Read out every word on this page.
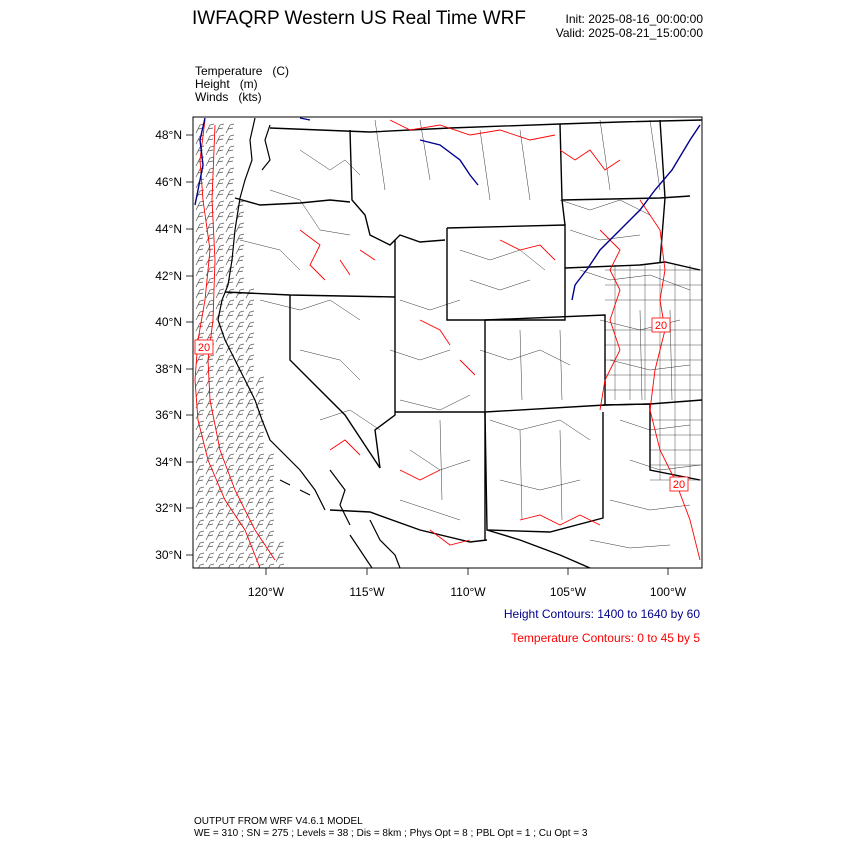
IWFAQRP Western US Real Time WRF	Init: 2025-08-16_00:00:00
Valid: 2025-08-21_15:00:00
Temperature   (C)
Height   (m)
Winds   (kts)
20
20
20
48°N
46°N
44°N
42°N
40°N
38°N
36°N
34°N
32°N
30°N
120°W	115°W	110°W	105°W	100°W
Height Contours: 1400 to 1640 by 60
Temperature Contours: 0 to 45 by 5
OUTPUT FROM WRF V4.6.1 MODEL
WE = 310 ; SN = 275 ; Levels = 38 ; Dis = 8km ; Phys Opt = 8 ; PBL Opt = 1 ; Cu Opt = 3
